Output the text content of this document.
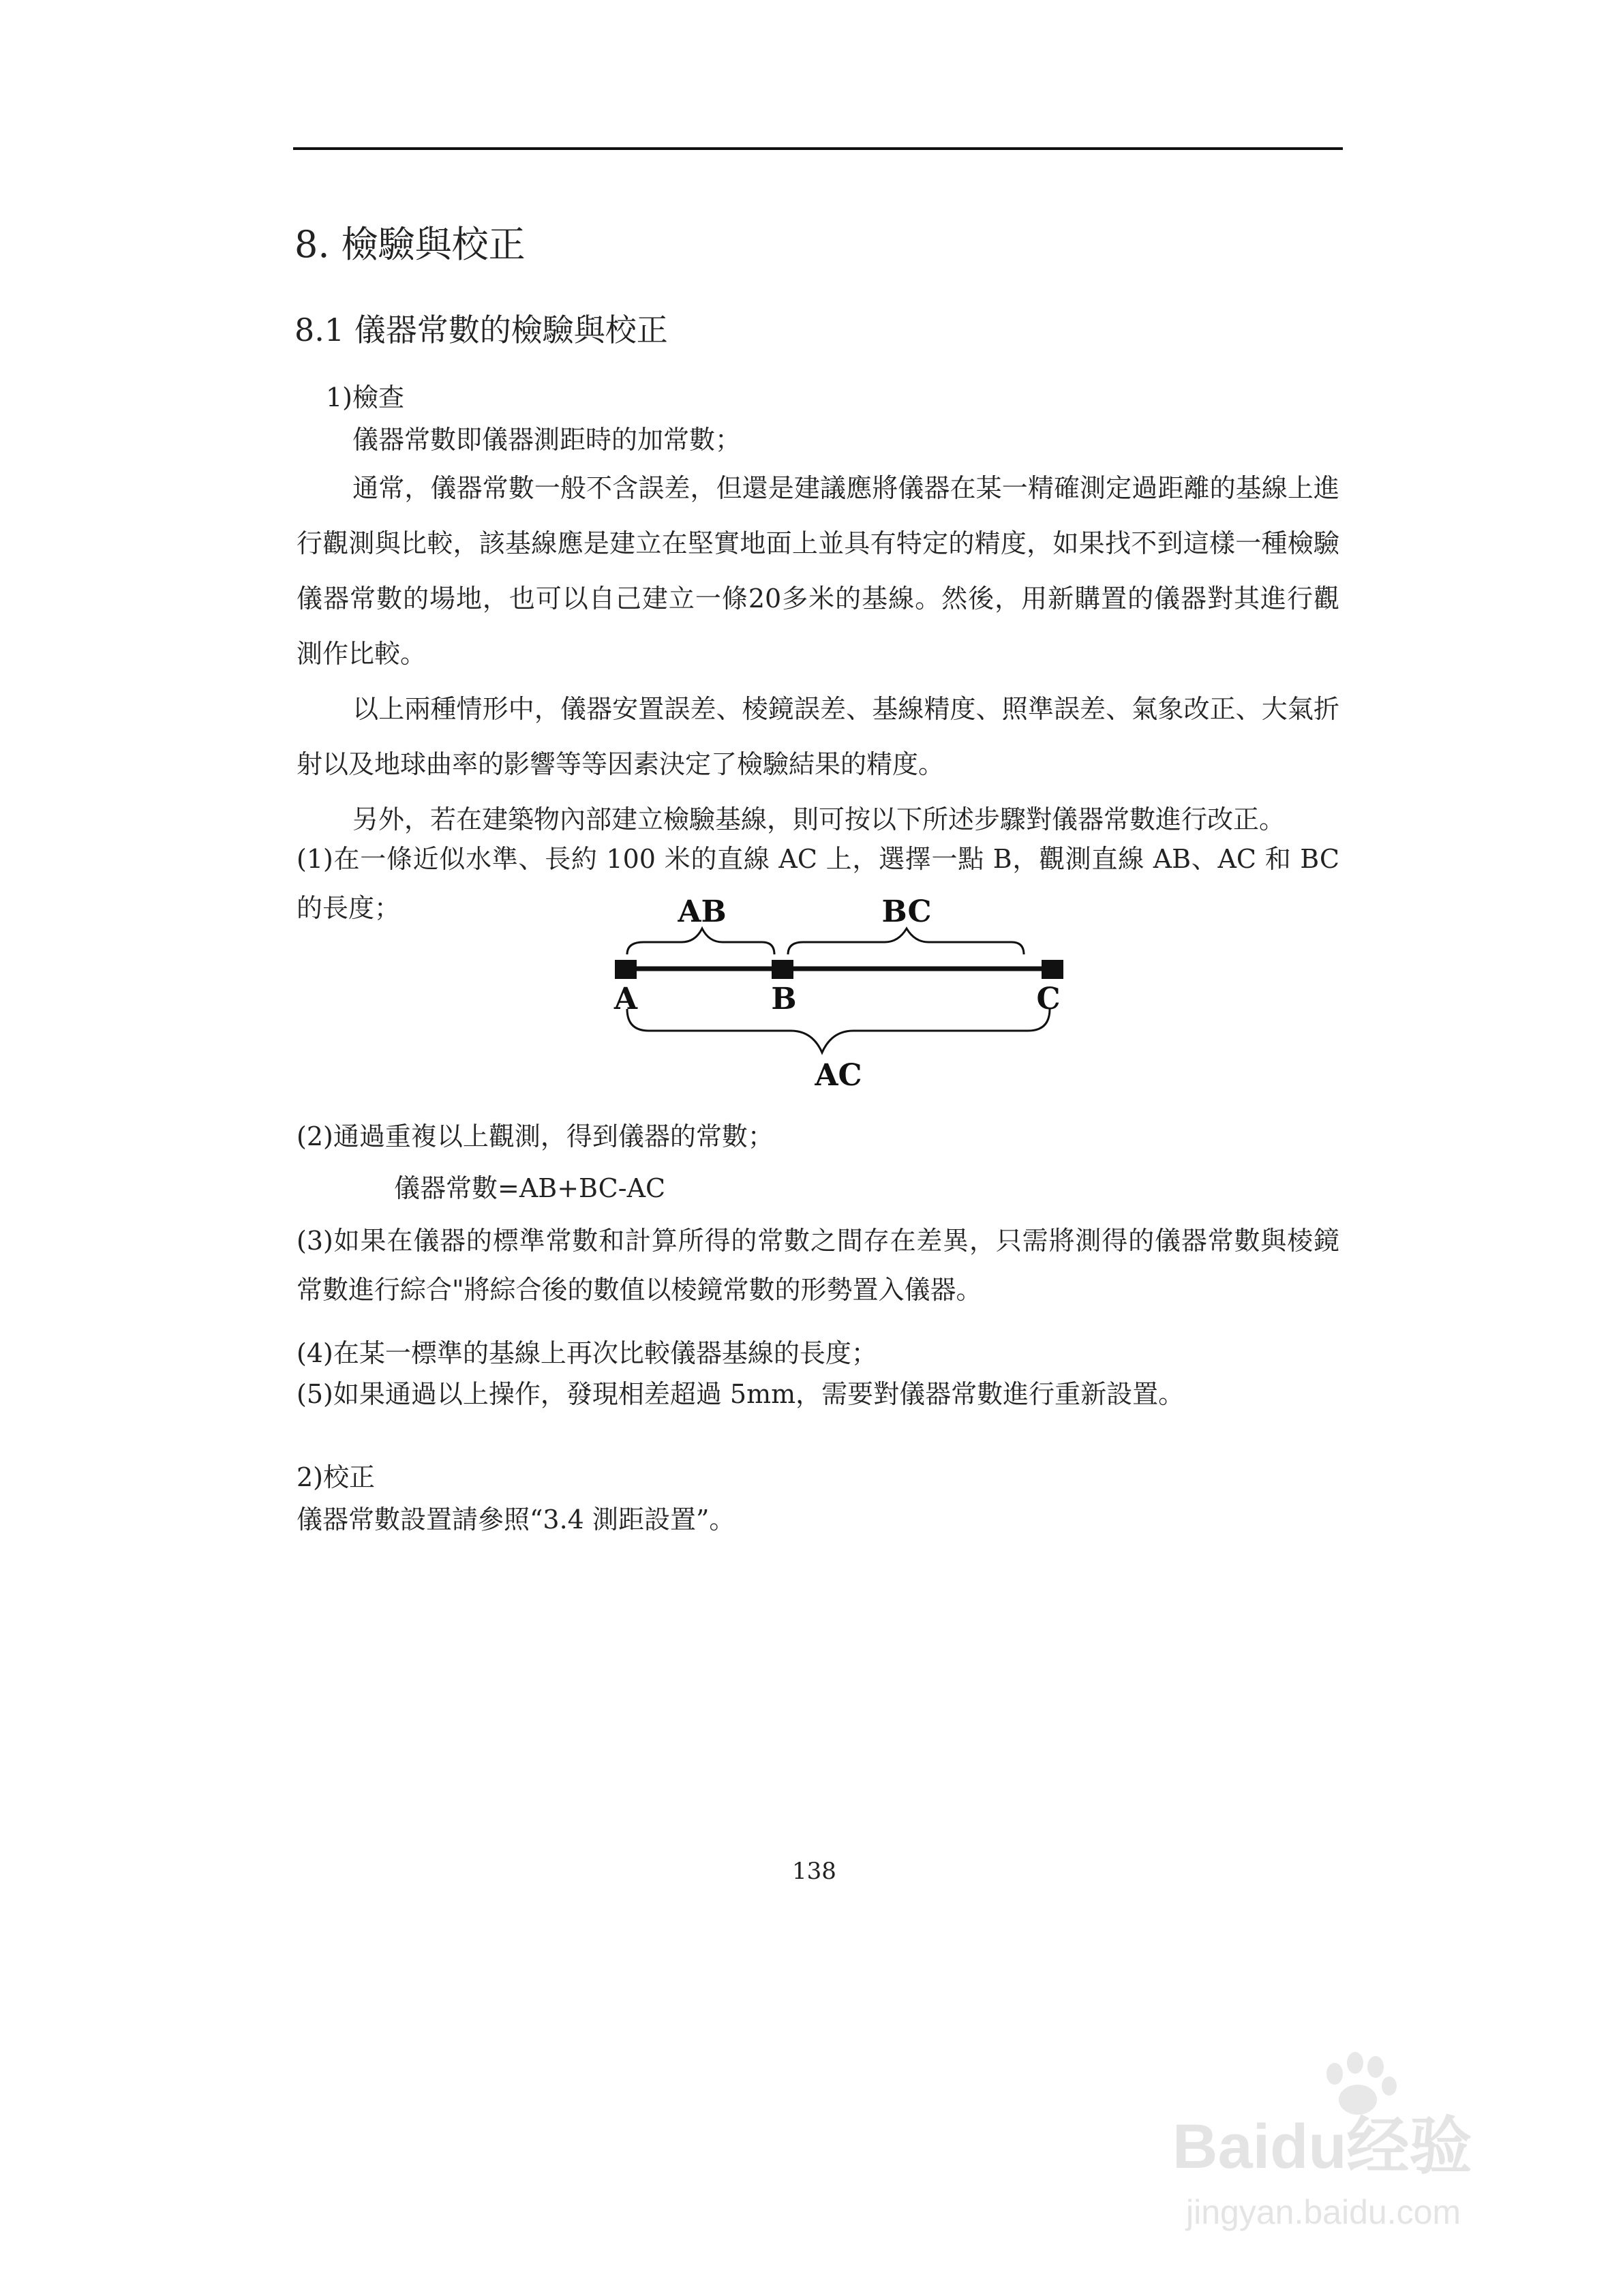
8. 檢驗與校正
8.1 儀器常數的檢驗與校正
1)檢查
儀器常數即儀器測距時的加常數；
通常，儀器常數一般不含誤差，但還是建議應將儀器在某一精確測定過距離的基線上進行觀測與比較，該基線應是建立在堅實地面上並具有特定的精度，如果找不到這樣一種檢驗儀器常數的場地，也可以自己建立一條20多米的基線。然後，用新購置的儀器對其進行觀測作比較。
以上兩種情形中，儀器安置誤差、棱鏡誤差、基線精度、照準誤差、氣象改正、大氣折射以及地球曲率的影響等等因素決定了檢驗結果的精度。
另外，若在建築物內部建立檢驗基線，則可按以下所述步驟對儀器常數進行改正。
(1)在一條近似水準、長約 100 米的直線 AC 上，選擇一點 B，觀測直線 AB、AC 和 BC 的長度；	AB	BC
A	B	C
AC
(2)通過重複以上觀測，得到儀器的常數；
儀器常數=AB+BC-AC
(3)如果在儀器的標準常數和計算所得的常數之間存在差異，只需將測得的儀器常數與棱鏡常數進行綜合"將綜合後的數值以棱鏡常數的形勢置入儀器。
(4)在某一標準的基線上再次比較儀器基線的長度；
(5)如果通過以上操作，發現相差超過 5mm，需要對儀器常數進行重新設置。
2)校正
儀器常數設置請參照“3.4 測距設置”。
138
Baidu经验
jingyan.baidu.com
